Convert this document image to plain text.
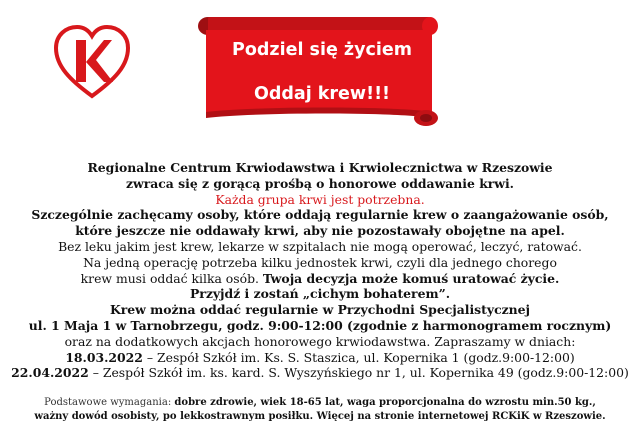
Podziel się życiem
Oddaj krew!!!
Regionalne Centrum Krwiodawstwa i Krwiolecznictwa w Rzeszowie
zwraca się z gorącą prośbą o honorowe oddawanie krwi.
Każda grupa krwi jest potrzebna.
Szczególnie zachęcamy osoby, które oddają regularnie krew o zaangażowanie osób,
które jeszcze nie oddawały krwi, aby nie pozostawały obojętne na apel.
Bez leku jakim jest krew, lekarze w szpitalach nie mogą operować, leczyć, ratować.
Na jedną operację potrzeba kilku jednostek krwi, czyli dla jednego chorego
krew musi oddać kilka osób. Twoja decyzja może komuś uratować życie.
Przyjdź i zostań „cichym bohaterem”.
Krew można oddać regularnie w Przychodni Specjalistycznej
ul. 1 Maja 1 w Tarnobrzegu, godz. 9:00-12:00 (zgodnie z harmonogramem rocznym)
oraz na dodatkowych akcjach honorowego krwiodawstwa. Zapraszamy w dniach:
18.03.2022 – Zespół Szkół im. Ks. S. Staszica, ul. Kopernika 1 (godz.9:00-12:00)
22.04.2022 – Zespół Szkół im. ks. kard. S. Wyszyńskiego nr 1, ul. Kopernika 49 (godz.9:00-12:00)
Podstawowe wymagania: dobre zdrowie, wiek 18-65 lat, waga proporcjonalna do wzrostu min.50 kg.,
ważny dowód osobisty, po lekkostrawnym posiłku. Więcej na stronie internetowej RCKiK w Rzeszowie.
